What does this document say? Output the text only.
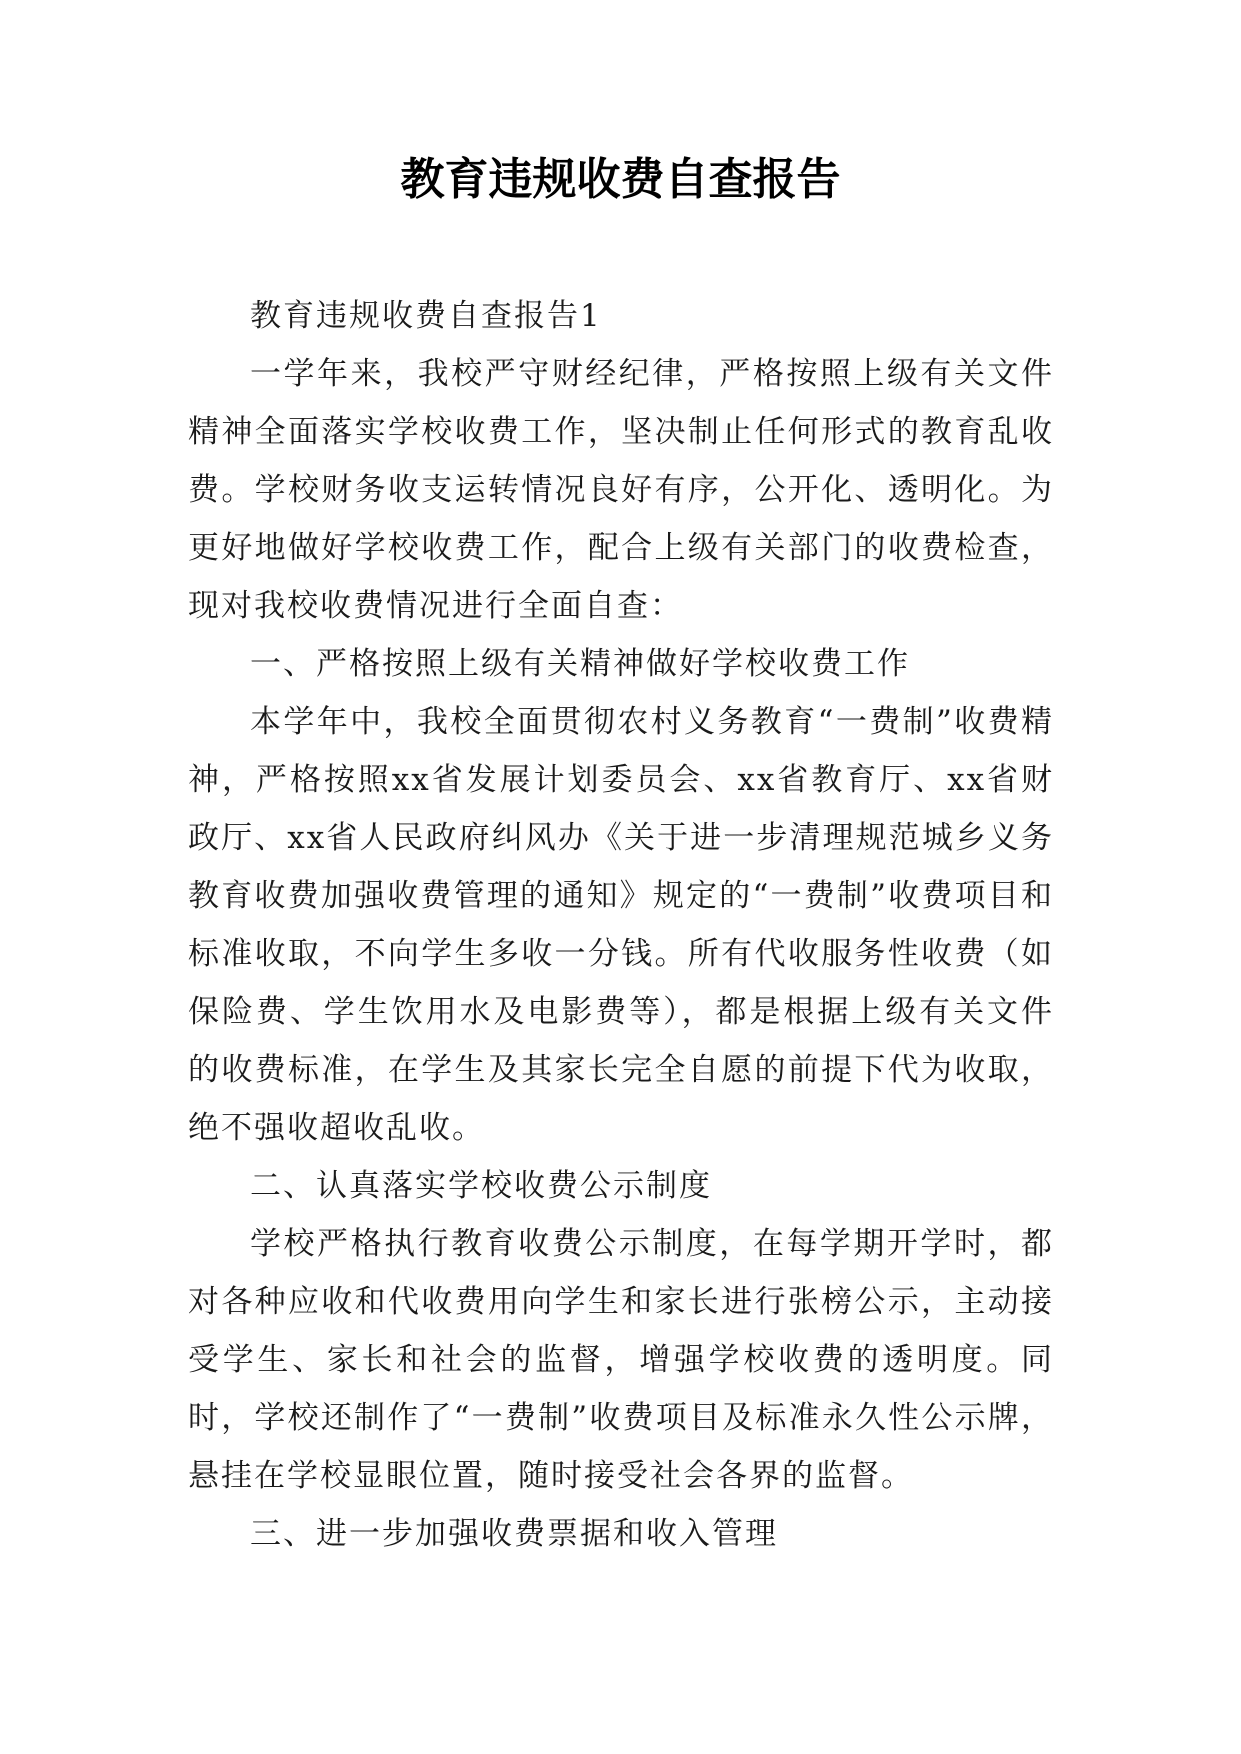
教育违规收费自查报告

教育违规收费自查报告1

一学年来，我校严守财经纪律，严格按照上级有关文件精神全面落实学校收费工作，坚决制止任何形式的教育乱收费。学校财务收支运转情况良好有序，公开化、透明化。为更好地做好学校收费工作，配合上级有关部门的收费检查，现对我校收费情况进行全面自查：

一、严格按照上级有关精神做好学校收费工作

本学年中，我校全面贯彻农村义务教育“一费制”收费精神，严格按照xx省发展计划委员会、xx省教育厅、xx省财政厅、xx省人民政府纠风办《关于进一步清理规范城乡义务教育收费加强收费管理的通知》规定的“一费制”收费项目和标准收取，不向学生多收一分钱。所有代收服务性收费（如保险费、学生饮用水及电影费等），都是根据上级有关文件的收费标准，在学生及其家长完全自愿的前提下代为收取，绝不强收超收乱收。

二、认真落实学校收费公示制度

学校严格执行教育收费公示制度，在每学期开学时，都对各种应收和代收费用向学生和家长进行张榜公示，主动接受学生、家长和社会的监督，增强学校收费的透明度。同时，学校还制作了“一费制”收费项目及标准永久性公示牌，悬挂在学校显眼位置，随时接受社会各界的监督。

三、进一步加强收费票据和收入管理
